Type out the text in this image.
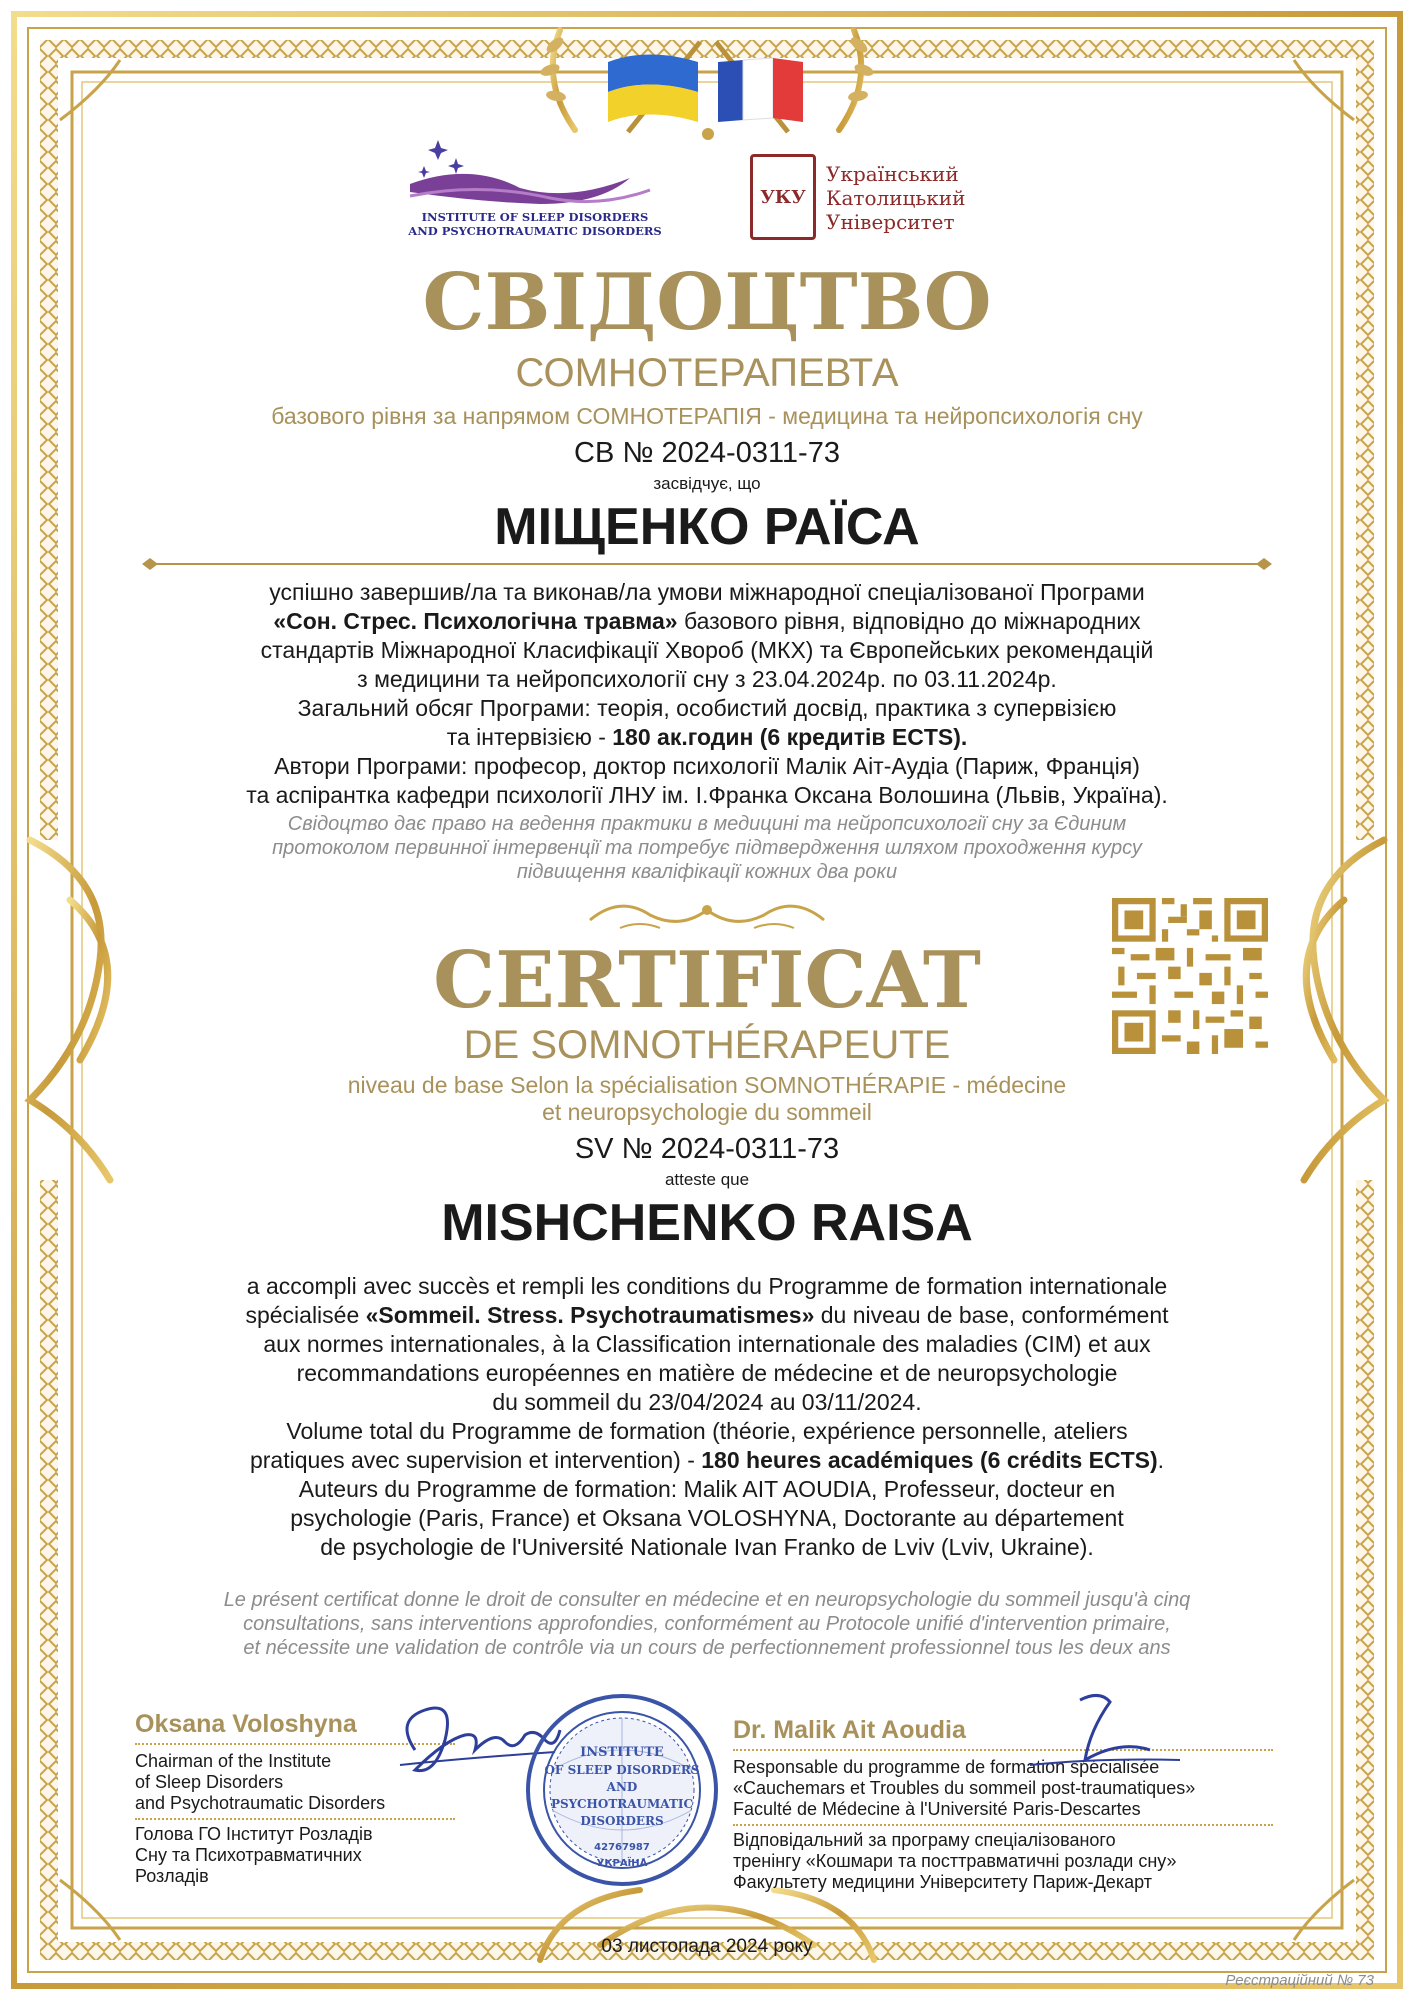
INSTITUTE OF SLEEP DISORDERS
AND PSYCHOTRAUMATIC DISORDERS
УКУ
Український
Католицький
Університет
СВІДОЦТВО
СОМНОТЕРАПЕВТА
базового рівня за напрямом СОМНОТЕРАПІЯ - медицина та нейропсихологія сну
СВ № 2024-0311-73
засвідчує, що
МІЩЕНКО РАЇСА
успішно завершив/ла та виконав/ла умови міжнародної спеціалізованої Програми
«Сон. Стрес. Психологічна травма» базового рівня, відповідно до міжнародних
стандартів Міжнародної Класифікації Хвороб (МКХ) та Європейських рекомендацій
з медицини та нейропсихології сну з 23.04.2024р. по 03.11.2024р.
Загальний обсяг Програми: теорія, особистий досвід, практика з супервізією
та інтервізією - 180 ак.годин (6 кредитів ECTS).
Автори Програми: професор, доктор психології Малік Аіт-Аудіа (Париж, Франція)
та аспірантка кафедри психології ЛНУ ім. І.Франка Оксана Волошина (Львів, Україна).
Свідоцтво дає право на ведення практики в медицині та нейропсихології сну за Єдиним
протоколом первинної інтервенції та потребує підтвердження шляхом проходження курсу
підвищення кваліфікації кожних два роки
CERTIFICAT
DE SOMNOTHÉRAPEUTE
niveau de base Selon la spécialisation SOMNOTHÉRAPIE - médecine
et neuropsychologie du sommeil
SV № 2024-0311-73
atteste que
MISHCHENKO RAISA
a accompli avec succès et rempli les conditions du Programme de formation internationale
spécialisée «Sommeil. Stress. Psychotraumatismes» du niveau de base, conformément
aux normes internationales, à la Classification internationale des maladies (CIM) et aux
recommandations européennes en matière de médecine et de neuropsychologie
du sommeil du 23/04/2024 au 03/11/2024.
Volume total du Programme de formation (théorie, expérience personnelle, ateliers
pratiques avec supervision et intervention) - 180 heures académiques (6 crédits ECTS).
Auteurs du Programme de formation: Malik AIT AOUDIA, Professeur, docteur en
psychologie (Paris, France) et Oksana VOLOSHYNA, Doctorante au département
de psychologie de l'Université Nationale Ivan Franko de Lviv (Lviv, Ukraine).
Le présent certificat donne le droit de consulter en médecine et en neuropsychologie du sommeil jusqu'à cinq
consultations, sans interventions approfondies, conformément au Protocole unifié d'intervention primaire,
et nécessite une validation de contrôle via un cours de perfectionnement professionnel tous les deux ans
Oksana Voloshyna
Chairman of the Institute
of Sleep Disorders
and Psychotraumatic Disorders
Голова ГО Інститут Розладів
Сну та Психотравматичних
Розладів
INSTITUTE
OF SLEEP DISORDERS
AND
PSYCHOTRAUMATIC
DISORDERS
42767987
УКРАЇНА
Dr. Malik Ait Aoudia
Responsable du programme de formation spécialisée
«Cauchemars et Troubles du sommeil post-traumatiques»
Faculté de Médecine à l'Université Paris-Descartes
Відповідальний за програму спеціалізованого
тренінгу «Кошмари та посттравматичні розлади сну»
Факультету медицини Університету Париж-Декарт
03 листопада 2024 року
Реєстраційний № 73
